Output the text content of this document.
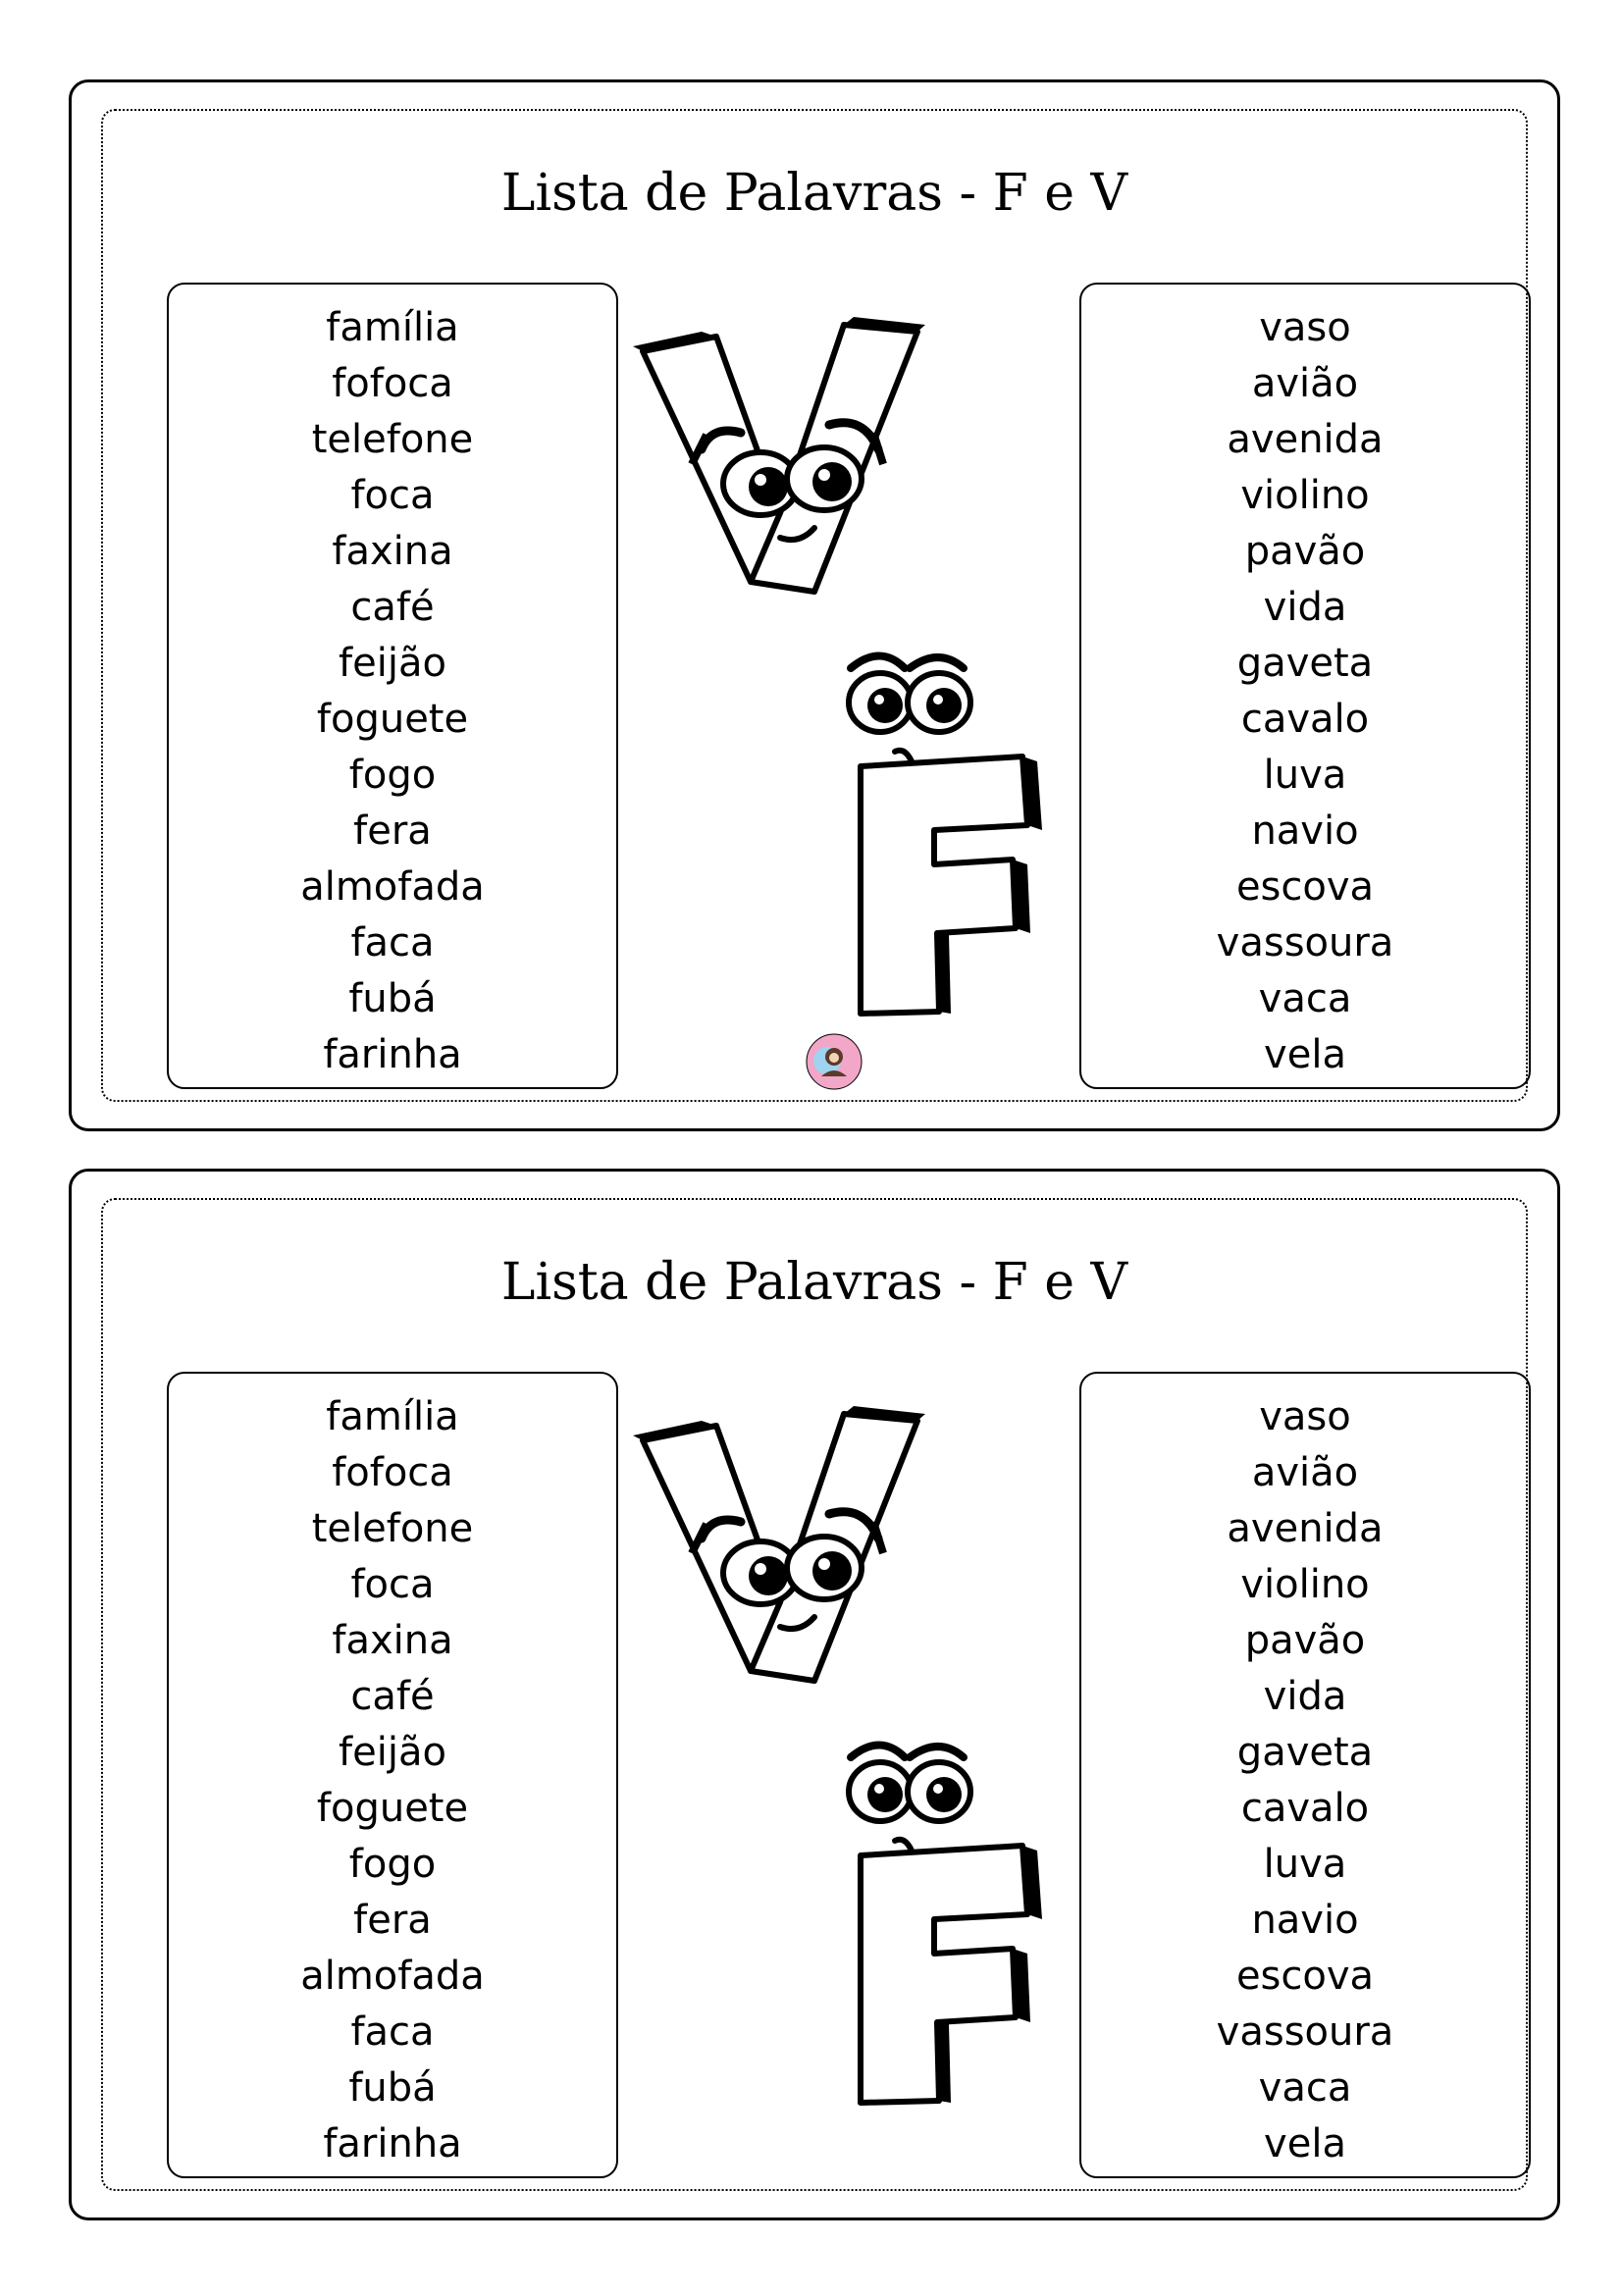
Lista de Palavras - F e V
família
fofoca
telefone
foca
faxina
café
feijão
foguete
fogo
fera
almofada
faca
fubá
farinha
vaso
avião
avenida
violino
pavão
vida
gaveta
cavalo
luva
navio
escova
vassoura
vaca
vela
Lista de Palavras - F e V
família
fofoca
telefone
foca
faxina
café
feijão
foguete
fogo
fera
almofada
faca
fubá
farinha
vaso
avião
avenida
violino
pavão
vida
gaveta
cavalo
luva
navio
escova
vassoura
vaca
vela
